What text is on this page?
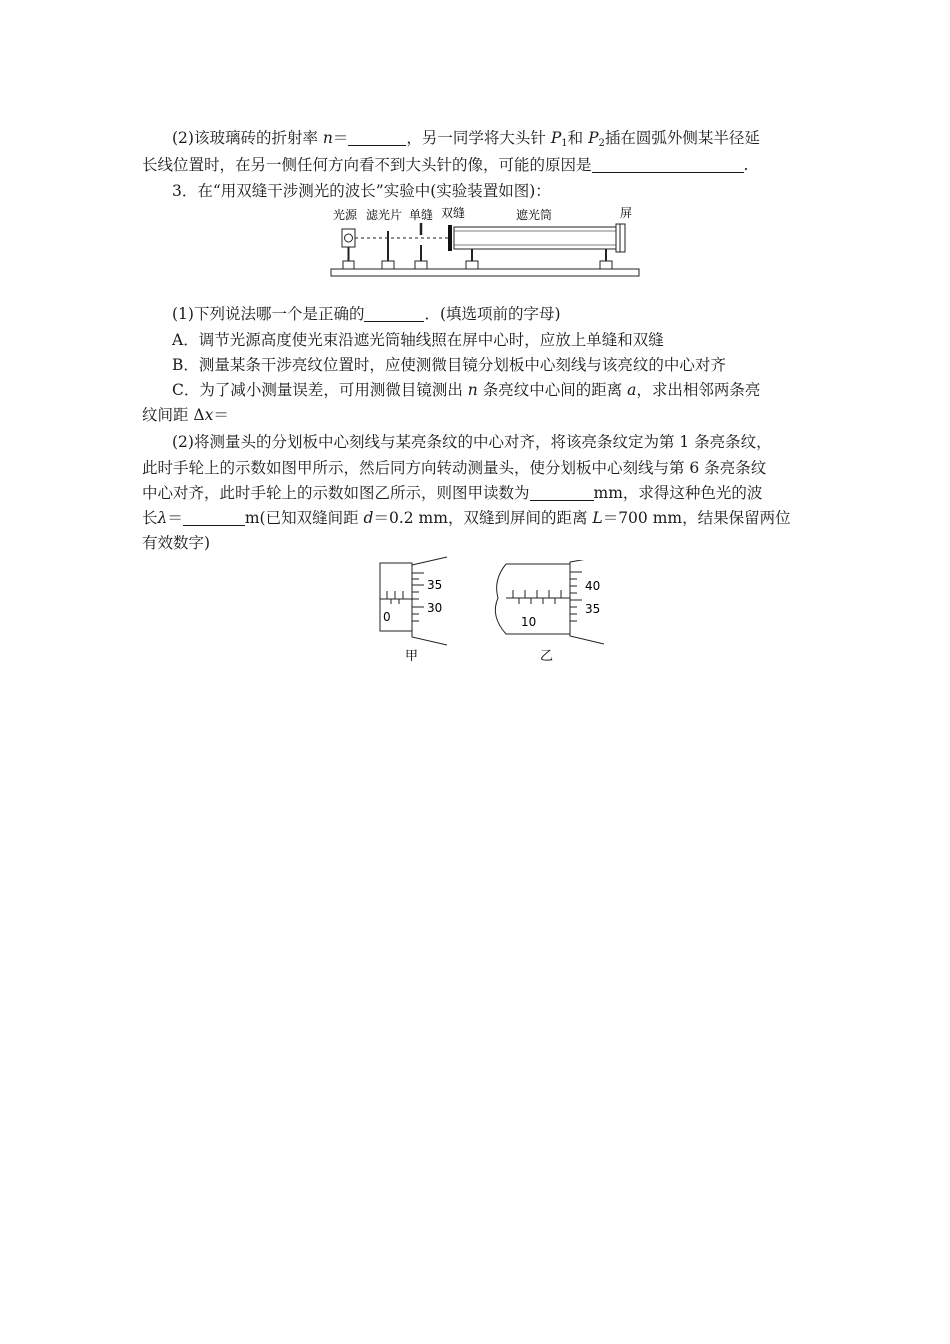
(2)该玻璃砖的折射率 n＝	，另一同学将大头针 $P_1$和 $P_2$插在圆弧外侧某半径延
长线位置时，在另一侧任何方向看不到大头针的像，可能的原因是	.
3．在“用双缝干涉测光的波长”实验中(实验装置如图)：
光源 滤光片 单缝 双缝	遮光筒	屏
(1)下列说法哪一个是正确的	．(填选项前的字母)
A．调节光源高度使光束沿遮光筒轴线照在屏中心时，应放上单缝和双缝
B．测量某条干涉亮纹位置时，应使测微目镜分划板中心刻线与该亮纹的中心对齐
C．为了减小测量误差，可用测微目镜测出 n 条亮纹中心间的距离 a，求出相邻两条亮
纹间距 Δx＝
(2)将测量头的分划板中心刻线与某亮条纹的中心对齐，将该亮条纹定为第 1 条亮条纹，
此时手轮上的示数如图甲所示，然后同方向转动测量头，使分划板中心刻线与第 6 条亮条纹
中心对齐，此时手轮上的示数如图乙所示，则图甲读数为	mm，求得这种色光的波
长λ＝	m(已知双缝间距 d＝0.2 mm，双缝到屏间的距离 L＝700 mm，结果保留两位
有效数字)
0
35
30
甲
10
40
35
乙
